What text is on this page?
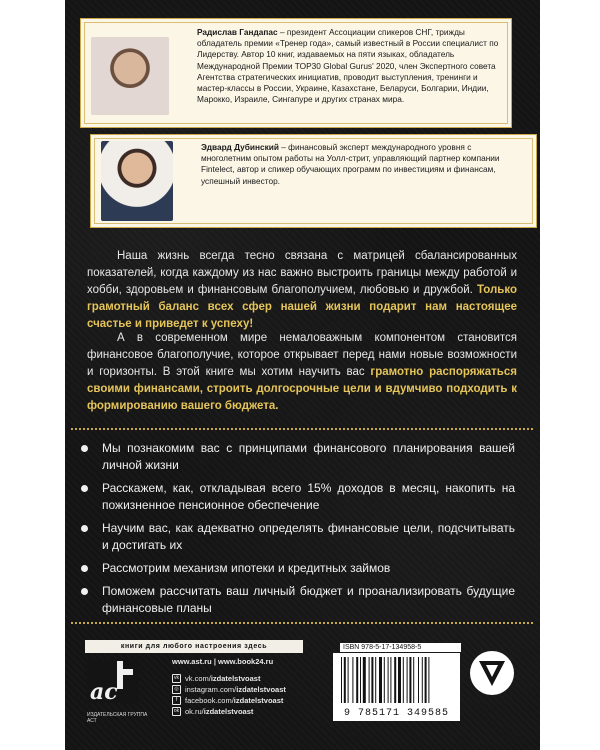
Радислав Гандапас – президент Ассоциации спикеров СНГ, трижды обладатель премии «Тренер года», самый известный в России специалист по Лидерству. Автор 10 книг, издаваемых на пяти языках, обладатель Международной Премии TOP30 Global Gurus' 2020, член Экспертного совета Агентства стратегических инициатив, проводит выступления, тренинги и мастер-классы в России, Украине, Казахстане, Беларуси, Болгарии, Индии, Марокко, Израиле, Сингапуре и других странах мира.
Эдвард Дубинский – финансовый эксперт международного уровня с многолетним опытом работы на Уолл-стрит, управляющий партнер компании Fintelect, автор и спикер обучающих программ по инвестициям и финансам, успешный инвестор.
Наша жизнь всегда тесно связана с матрицей сбалансированных показателей, когда каждому из нас важно выстроить границы между работой и хобби, здоровьем и финансовым благополучием, любовью и дружбой. Только грамотный баланс всех сфер нашей жизни подарит нам настоящее счастье и приведет к успеху!
А в современном мире немаловажным компонентом становится финансовое благополучие, которое открывает перед нами новые возможности и горизонты. В этой книге мы хотим научить вас грамотно распоряжаться своими финансами, строить долгосрочные цели и вдумчиво подходить к формированию вашего бюджета.
Мы познакомим вас с принципами финансового планирования вашей личной жизни
Расскажем, как, откладывая всего 15% доходов в месяц, накопить на пожизненное пенсионное обеспечение
Научим вас, как адекватно определять финансовые цели, подсчитывать и достигать их
Рассмотрим механизм ипотеки и кредитных займов
Поможем рассчитать ваш личный бюджет и проанализировать будущие финансовые планы
книги для любого настроения здесь
ac
ИЗДАТЕЛЬСКАЯ ГРУППА АСТ
www.ast.ru | www.book24.ru
vk vk.com/ izdatelstvoast
◎ instagram.com/ izdatelstvoast
f	facebook.com/ izdatelstvoast
ok ok.ru/ izdatelstvoast
ISBN 978-5-17-134958-5
9 785171 349585
